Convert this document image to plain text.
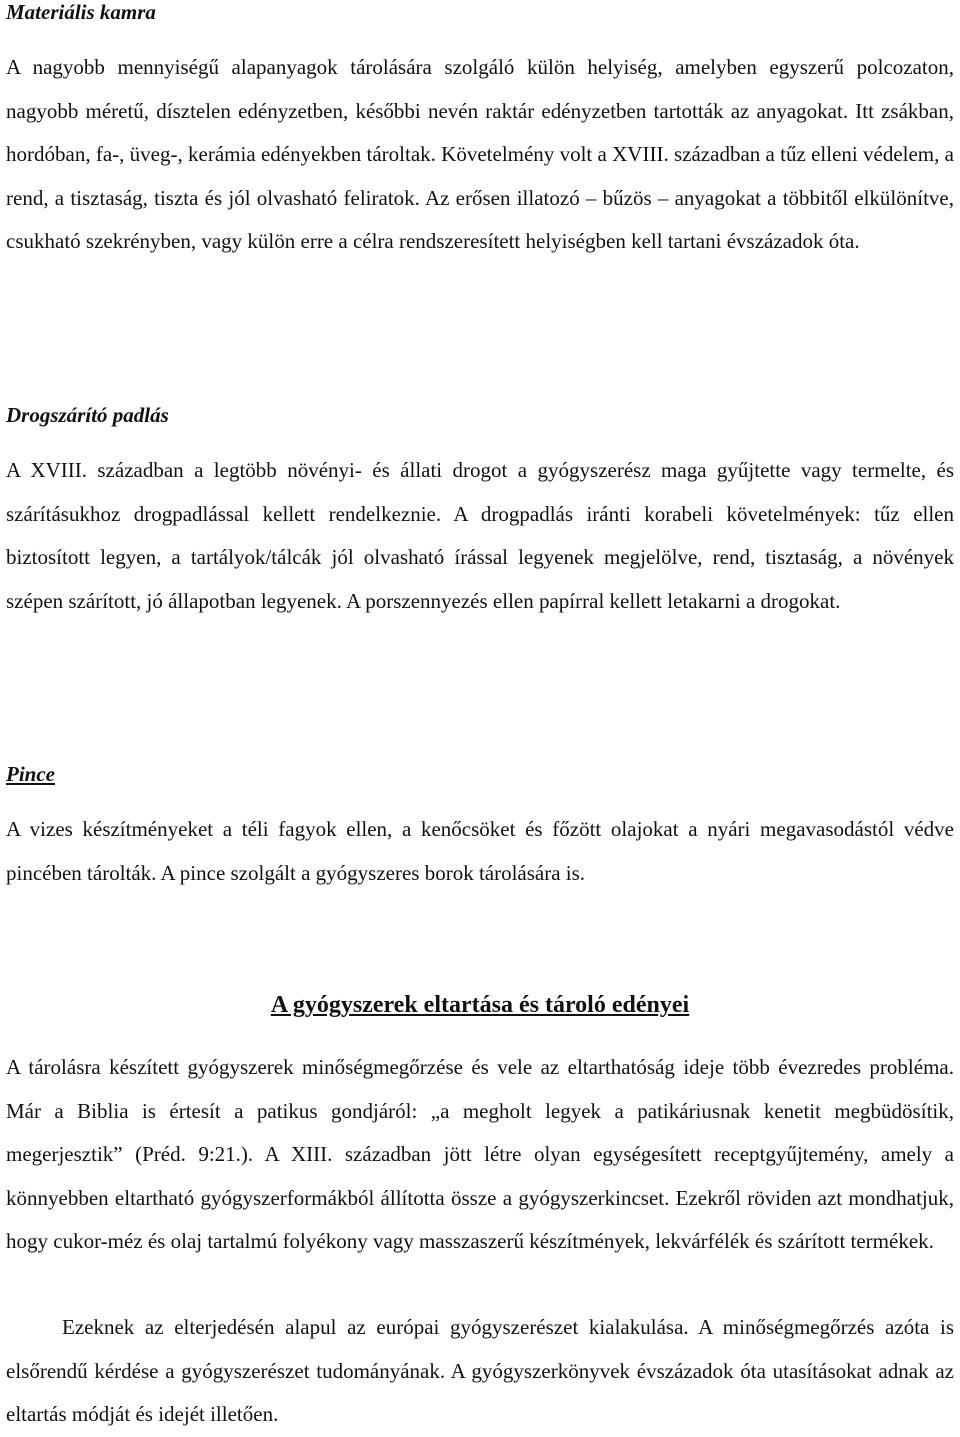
Materiális kamra

A nagyobb mennyiségű alapanyagok tárolására szolgáló külön helyiség, amelyben egyszerű polcozaton, nagyobb méretű, dísztelen edényzetben, későbbi nevén raktár edényzetben tartották az anyagokat. Itt zsákban, hordóban, fa-, üveg-, kerámia edényekben tároltak. Követelmény volt a XVIII. században a tűz elleni védelem, a rend, a tisztaság, tiszta és jól olvasható feliratok. Az erősen illatozó – bűzös – anyagokat a többitől elkülönítve, csukható szekrényben, vagy külön erre a célra rendszeresített helyiségben kell tartani évszázadok óta.

Drogszárító padlás

A XVIII. században a legtöbb növényi- és állati drogot a gyógyszerész maga gyűjtette vagy termelte, és szárításukhoz drogpadlással kellett rendelkeznie. A drogpadlás iránti korabeli követelmények: tűz ellen biztosított legyen, a tartályok/tálcák jól olvasható írással legyenek megjelölve, rend, tisztaság, a növények szépen szárított, jó állapotban legyenek. A porszennyezés ellen papírral kellett letakarni a drogokat.

Pince

A vizes készítményeket a téli fagyok ellen, a kenőcsöket és főzött olajokat a nyári megavasodástól védve pincében tárolták. A pince szolgált a gyógyszeres borok tárolására is.

A gyógyszerek eltartása és tároló edényei

A tárolásra készített gyógyszerek minőségmegőrzése és vele az eltarthatóság ideje több évezredes probléma. Már a Biblia is értesít a patikus gondjáról: „a megholt legyek a patikáriusnak kenetit megbüdösítik, megerjesztik” (Préd. 9:21.). A XIII. században jött létre olyan egységesített receptgyűjtemény, amely a könnyebben eltartható gyógyszerformákból állította össze a gyógyszerkincset. Ezekről röviden azt mondhatjuk, hogy cukor-méz és olaj tartalmú folyékony vagy masszaszerű készítmények, lekvárfélék és szárított termékek.

Ezeknek az elterjedésén alapul az európai gyógyszerészet kialakulása. A minőségmegőrzés azóta is elsőrendű kérdése a gyógyszerészet tudományának. A gyógyszerkönyvek évszázadok óta utasításokat adnak az eltartás módját és idejét illetően.
